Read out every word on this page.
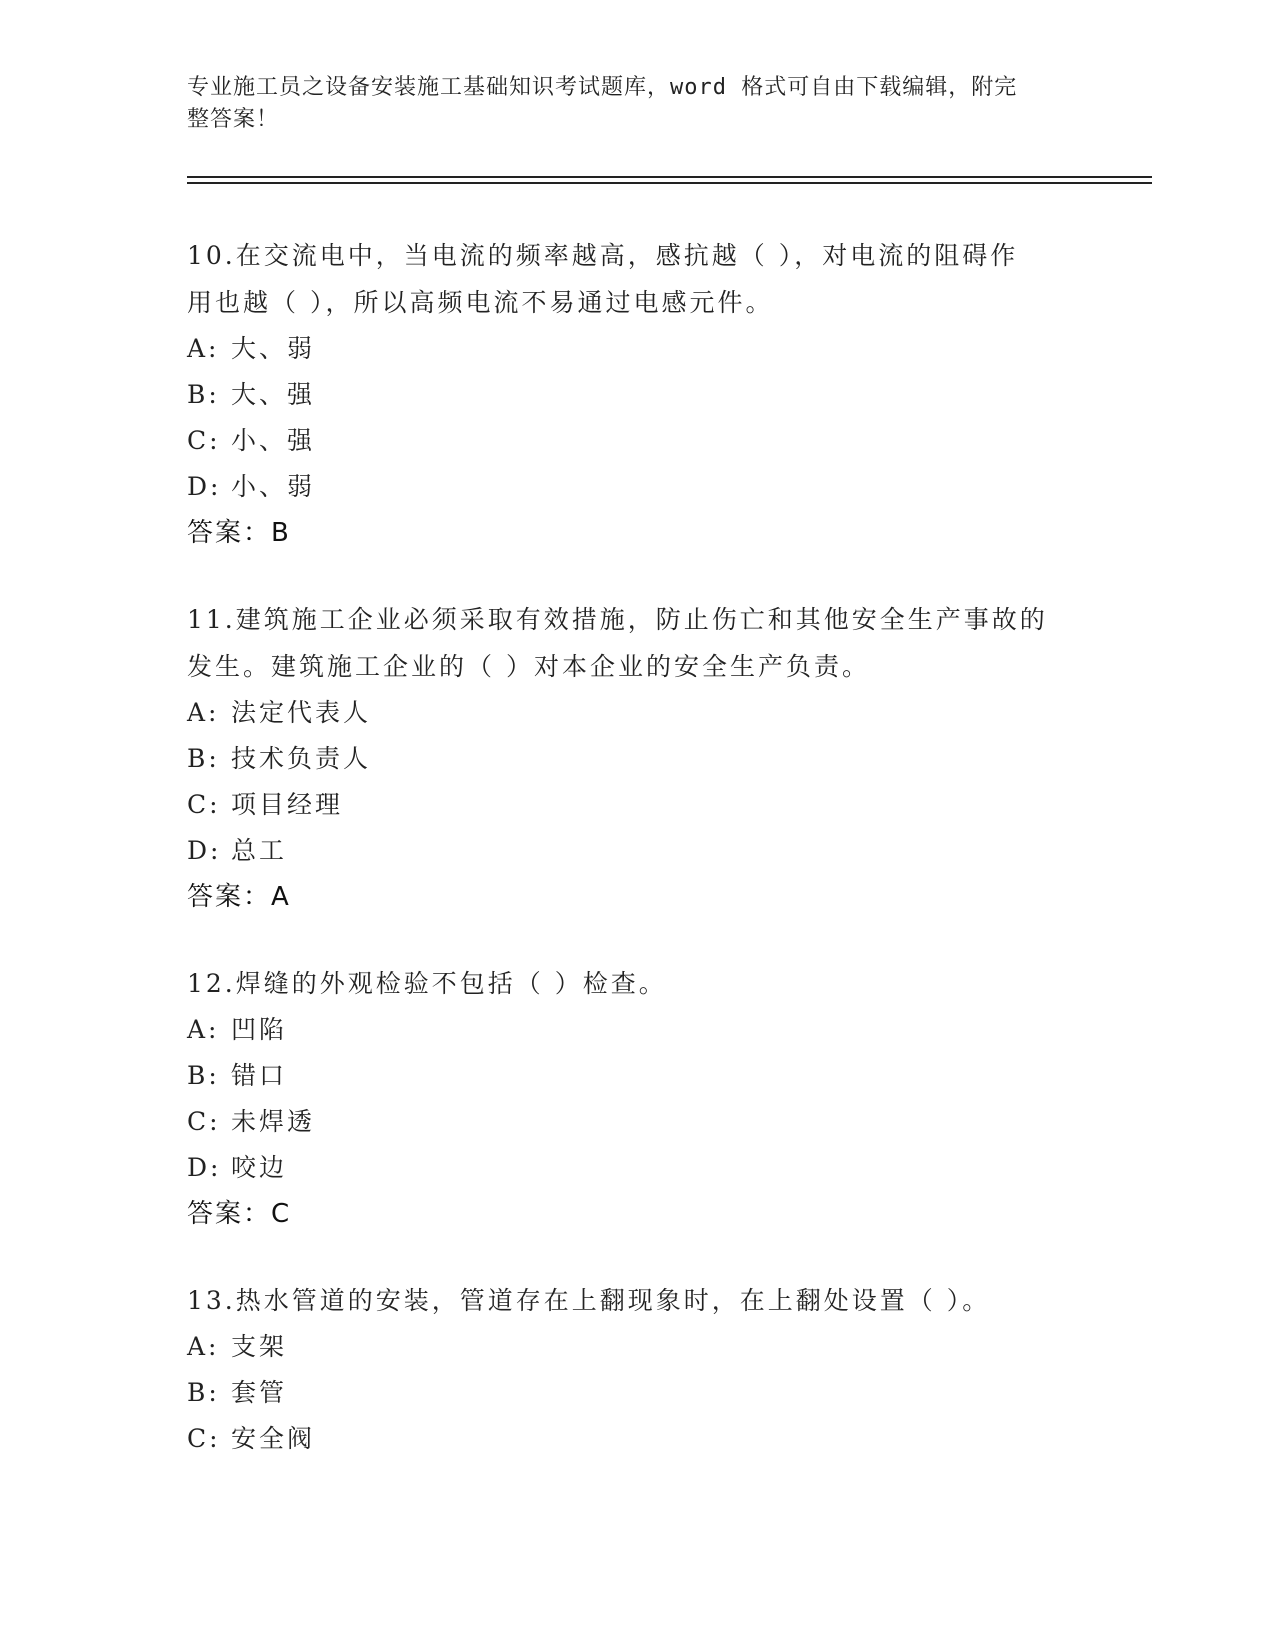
专业施工员之设备安装施工基础知识考试题库，word 格式可自由下载编辑，附完
整答案！

10.在交流电中，当电流的频率越高，感抗越（ ），对电流的阻碍作
用也越（ ），所以高频电流不易通过电感元件。

A: 大、弱

B: 大、强

C: 小、强

D: 小、弱

答案：B

11.建筑施工企业必须采取有效措施，防止伤亡和其他安全生产事故的
发生。建筑施工企业的（ ）对本企业的安全生产负责。

A: 法定代表人

B: 技术负责人

C: 项目经理

D: 总工

答案：A

12.焊缝的外观检验不包括（ ）检查。

A: 凹陷

B: 错口

C: 未焊透

D: 咬边

答案：C

13.热水管道的安装，管道存在上翻现象时，在上翻处设置（ ）。

A: 支架

B: 套管

C: 安全阀
